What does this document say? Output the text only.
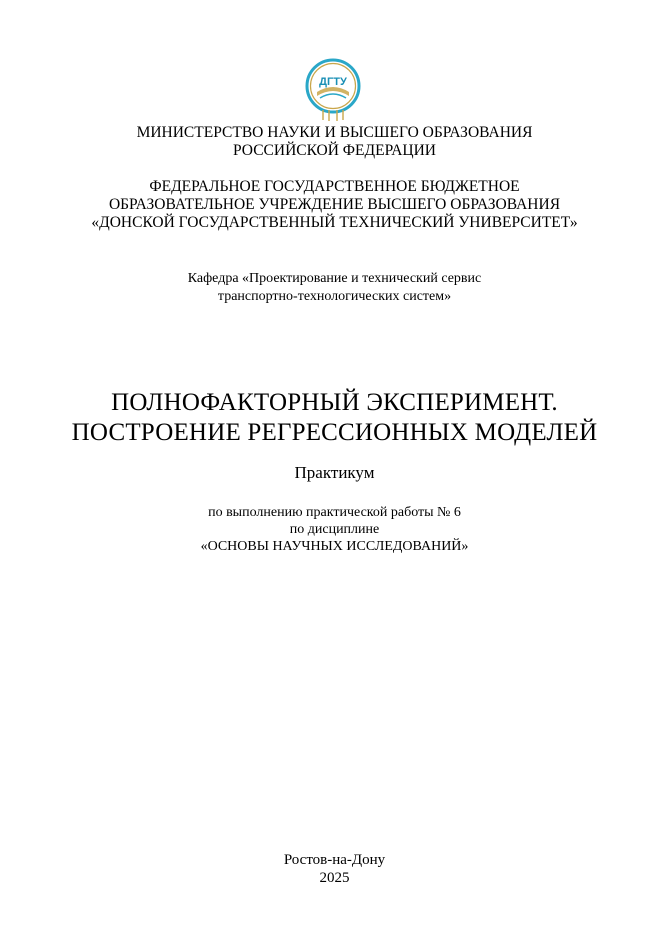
ДГТУ
МИНИСТЕРСТВО НАУКИ И ВЫСШЕГО ОБРАЗОВАНИЯ
РОССИЙСКОЙ ФЕДЕРАЦИИ
ФЕДЕРАЛЬНОЕ ГОСУДАРСТВЕННОЕ БЮДЖЕТНОЕ
ОБРАЗОВАТЕЛЬНОЕ УЧРЕЖДЕНИЕ ВЫСШЕГО ОБРАЗОВАНИЯ
«ДОНСКОЙ ГОСУДАРСТВЕННЫЙ ТЕХНИЧЕСКИЙ УНИВЕРСИТЕТ»
Кафедра «Проектирование и технический сервис
транспортно-технологических систем»
ПОЛНОФАКТОРНЫЙ ЭКСПЕРИМЕНТ.
ПОСТРОЕНИЕ РЕГРЕССИОННЫХ МОДЕЛЕЙ
Практикум
по выполнению практической работы № 6
по дисциплине
«ОСНОВЫ НАУЧНЫХ ИССЛЕДОВАНИЙ»
Ростов-на-Дону
2025
